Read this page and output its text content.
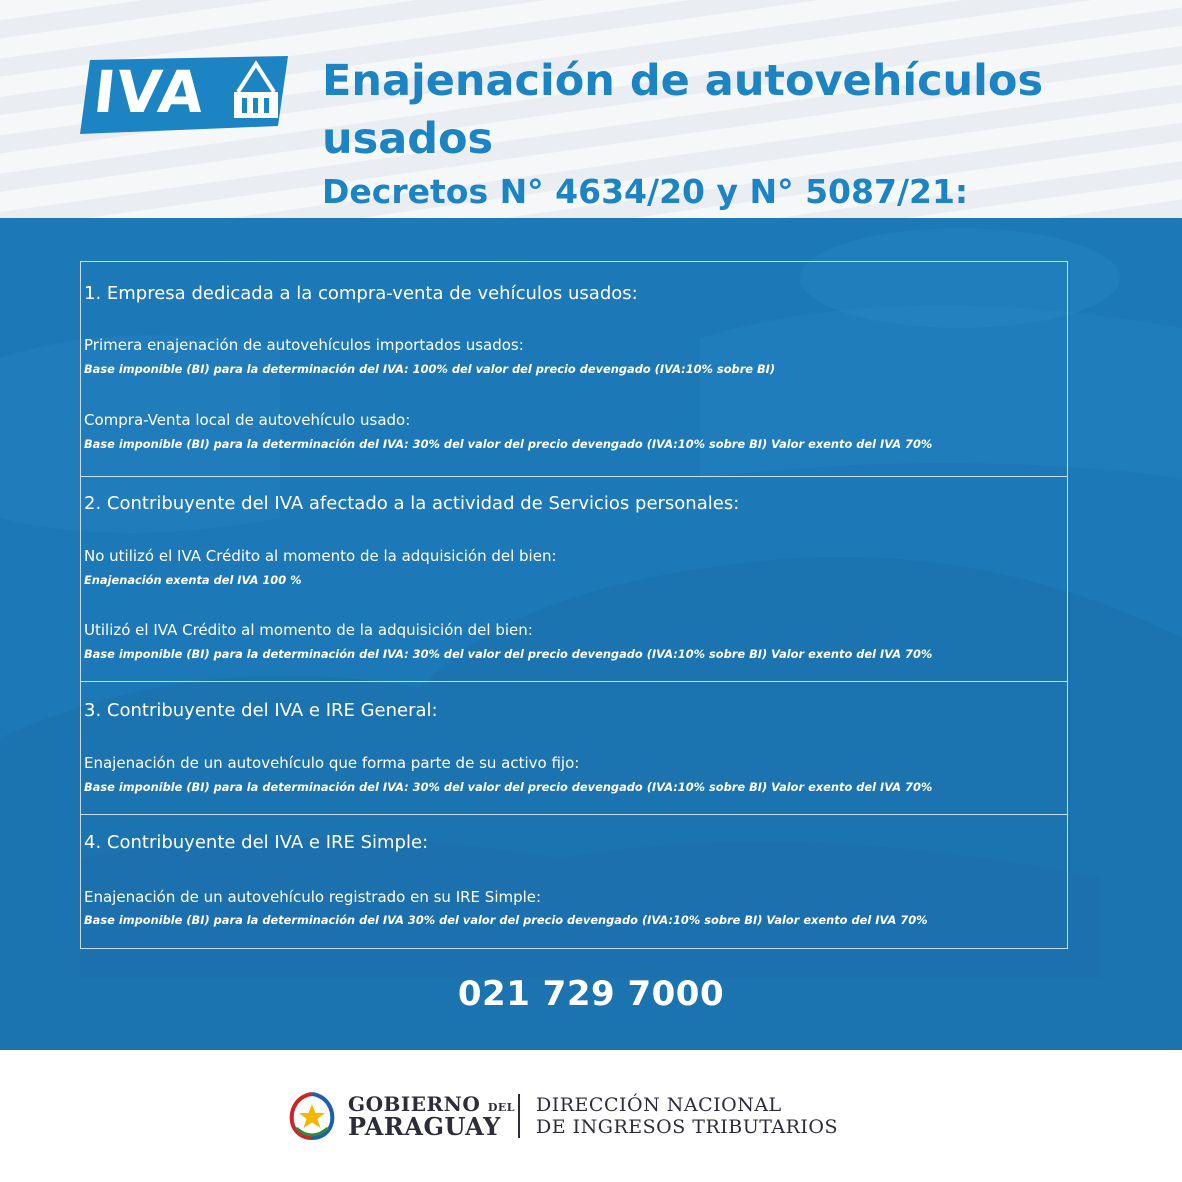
IVA	Enajenación de autovehículos usados
Decretos N° 4634/20 y N° 5087/21:
1. Empresa dedicada a la compra-venta de vehículos usados:
Primera enajenación de autovehículos importados usados:
Base imponible (BI) para la determinación del IVA: 100% del valor del precio devengado (IVA:10% sobre BI)
Compra-Venta local de autovehículo usado:
Base imponible (BI) para la determinación del IVA: 30% del valor del precio devengado (IVA:10% sobre BI) Valor exento del IVA 70%
2. Contribuyente del IVA afectado a la actividad de Servicios personales:
No utilizó el IVA Crédito al momento de la adquisición del bien:
Enajenación exenta del IVA 100 %
Utilizó el IVA Crédito al momento de la adquisición del bien:
Base imponible (BI) para la determinación del IVA: 30% del valor del precio devengado (IVA:10% sobre BI) Valor exento del IVA 70%
3. Contribuyente del IVA e IRE General:
Enajenación de un autovehículo que forma parte de su activo fijo:
Base imponible (BI) para la determinación del IVA: 30% del valor del precio devengado (IVA:10% sobre BI) Valor exento del IVA 70%
4. Contribuyente del IVA e IRE Simple:
Enajenación de un autovehículo registrado en su IRE Simple:
Base imponible (BI) para la determinación del IVA 30% del valor del precio devengado (IVA:10% sobre BI) Valor exento del IVA 70%
021 729 7000
GOBIERNO DEL
PARAGUAY
DIRECCIÓN NACIONAL
DE INGRESOS TRIBUTARIOS
